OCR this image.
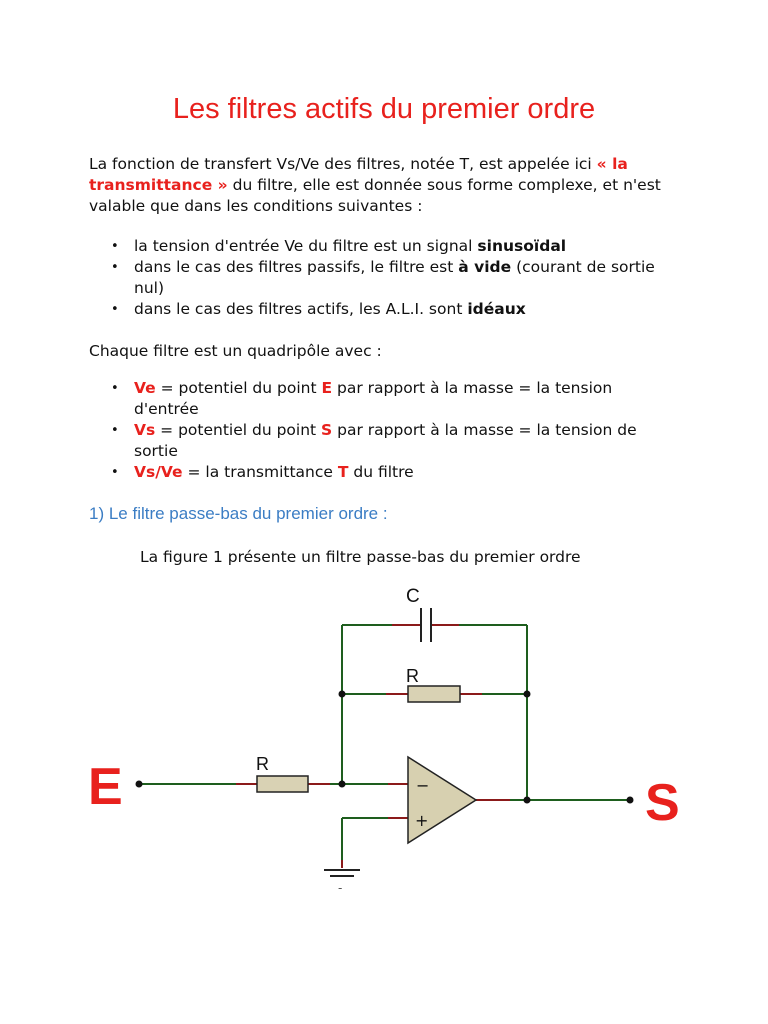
Les filtres actifs du premier ordre

La fonction de transfert Vs/Ve des filtres, notée T, est appelée ici « la transmittance » du filtre, elle est donnée sous forme complexe, et n'est valable que dans les conditions suivantes :

• la tension d'entrée Ve du filtre est un signal sinusoïdal
• dans le cas des filtres passifs, le filtre est à vide (courant de sortie nul)
• dans le cas des filtres actifs, les A.L.I. sont idéaux

Chaque filtre est un quadripôle avec :

• Ve = potentiel du point E par rapport à la masse = la tension d'entrée
• Vs = potentiel du point S par rapport à la masse = la tension de sortie
• Vs/Ve = la transmittance T du filtre
1) Le filtre passe-bas du premier ordre :

La figure 1 présente un filtre passe-bas du premier ordre

-
C
R
R
−
+
E	S
